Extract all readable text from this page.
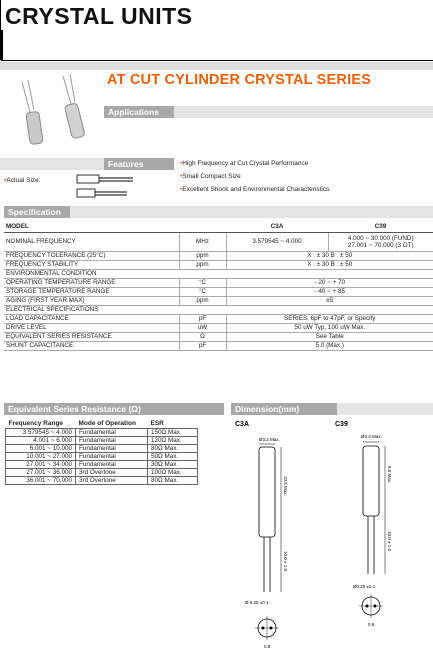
CRYSTAL UNITS
AT CUT CYLINDER CRYSTAL SERIES
Applications
Features	• High Frequency at Cut Crystal Performance
• Small Compact Size
• Excellent Shock and Environmental Characteristics
• Actual Size:
Specification
MODEL		C3A	C39
NOMINAL FREQUENCY	MHz	3.579545 ~ 4.000	4.000 ~ 30.000 (FUND)
27.001 ~ 70.000 (3 OT)

FREQUENCY TOLERANCE (25°C)	ppm	X : ± 30 B : ± 50	
FREQUENCY STABILITY	ppm	X : ± 30 B : ± 50	
ENVIRONMENTAL CONDITION			
OPERATING TEMPERATURE RANGE	°C	- 20 ~ + 70	
STORAGE TEMPERATURE RANGE	°C	- 40 ~ + 85	
AGING (FIRST YEAR MAX)	ppm	±5	
ELECTRICAL SPECIFICATIONS			
LOAD CAPACITANCE	pF	SERIES, 6pF to 47pF, or Specify	
DRIVE LEVEL	uW	50 uW Typ, 100 uW Max.	
EQUIVALENT SERIES RESISTANCE	Ω	See Table	
SHUNT CAPACITANCE	pF	5.0 (Max.)	
Equivalent Series Resistance (Ω)	Dimension(mm)
Frequency Range	Mode of Operation	ESR
3.579545 ~ 4.000	Fundamental	150Ω Max.
4.001 ~ 6.000	Fundamental	120Ω Max.
6.001 ~ 10.000	Fundamental	80Ω Max.
10.001 ~ 27.000	Fundamental	50Ω Max.
27.001 ~ 34.000	Fundamental	30Ω Max.
27.001 ~ 36.000	3rd Overtone	100Ω Max.
36.001 ~ 70.000	3rd Overtone	80Ω Max.
C3A	C39
Ø3.2 Max.
10.5 Max.
10.0 ± 1.0
Ø 0.25 ±0.1
0.8
Ø3.2 Max.
8.5 Max.
10.0 ± 1.0
Ø0.25 ±0.1
0.8
